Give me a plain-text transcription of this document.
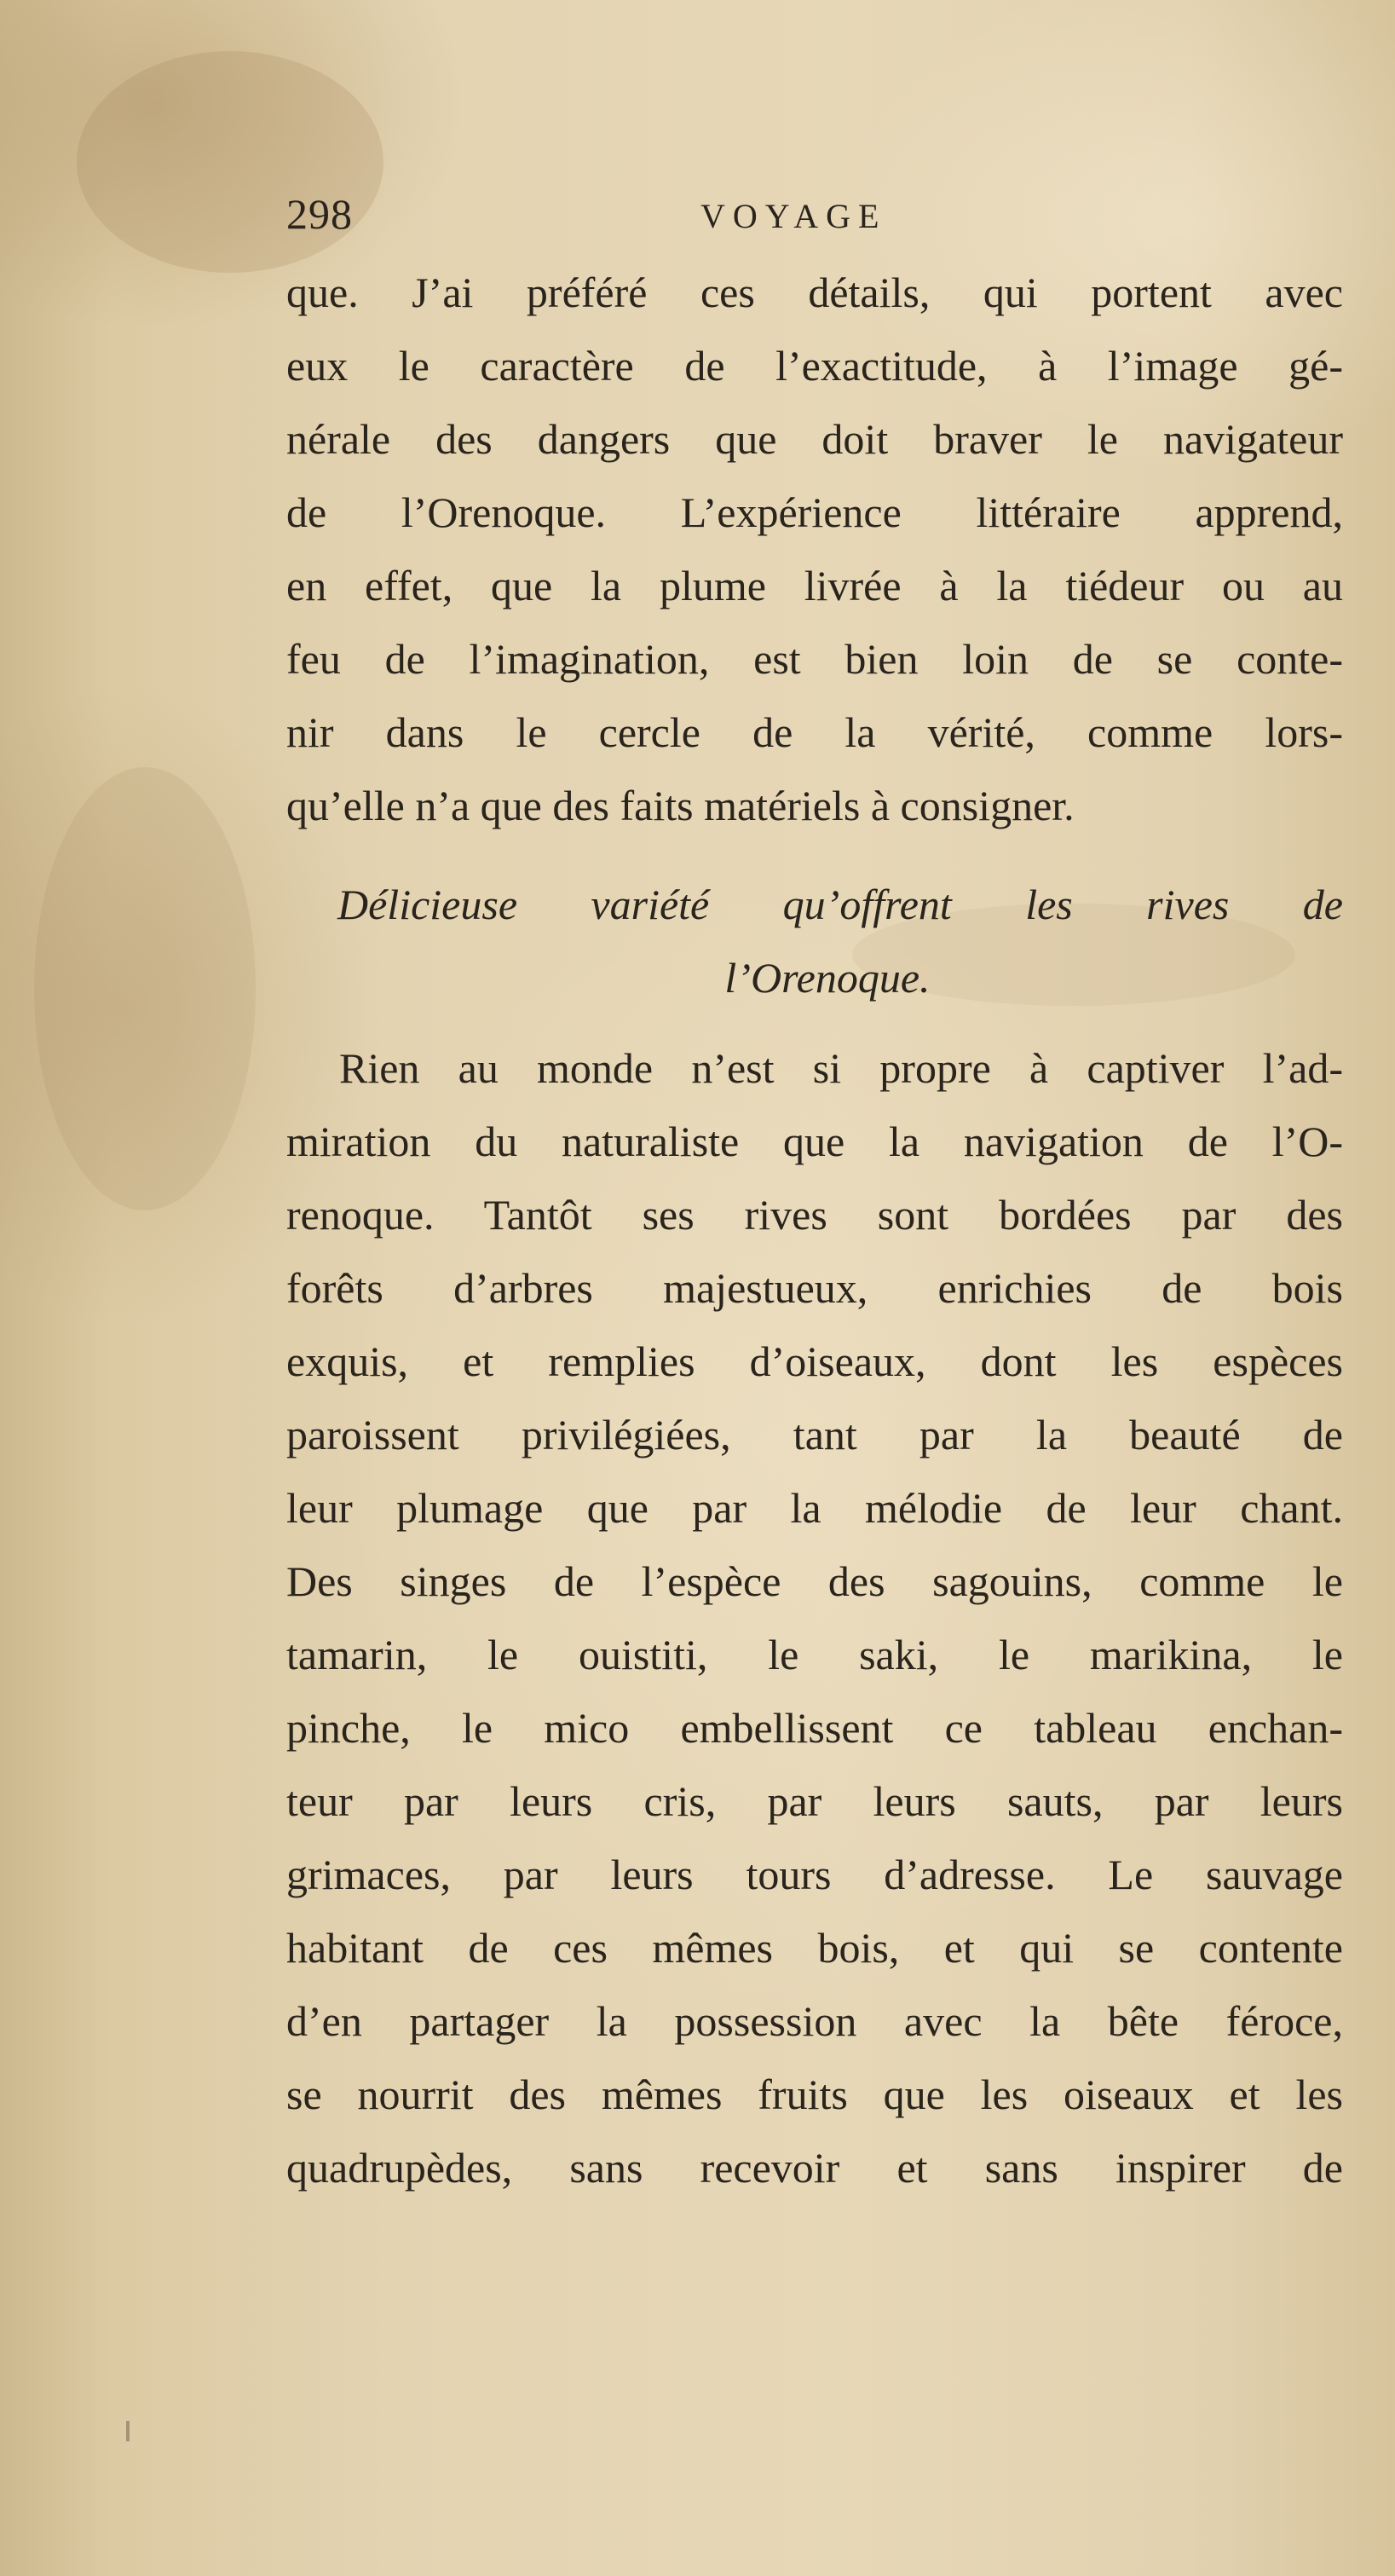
298	VOYAGE
que. J’ai préféré ces détails, qui portent avec
eux le caractère de l’exactitude, à l’image gé-
nérale des dangers que doit braver le navigateur
de l’Orenoque. L’expérience littéraire apprend,
en effet, que la plume livrée à la tiédeur ou au
feu de l’imagination, est bien loin de se conte-
nir dans le cercle de la vérité, comme lors-
qu’elle n’a que des faits matériels à consigner.
Délicieuse variété qu’offrent les rives de
l’Orenoque.
Rien au monde n’est si propre à captiver l’ad-
miration du naturaliste que la navigation de l’O-
renoque. Tantôt ses rives sont bordées par des
forêts d’arbres majestueux, enrichies de bois
exquis, et remplies d’oiseaux, dont les espèces
paroissent privilégiées, tant par la beauté de
leur plumage que par la mélodie de leur chant.
Des singes de l’espèce des sagouins, comme le
tamarin, le ouistiti, le saki, le marikina, le
pinche, le mico embellissent ce tableau enchan-
teur par leurs cris, par leurs sauts, par leurs
grimaces, par leurs tours d’adresse. Le sauvage
habitant de ces mêmes bois, et qui se contente
d’en partager la possession avec la bête féroce,
se nourrit des mêmes fruits que les oiseaux et les
quadrupèdes, sans recevoir et sans inspirer de
